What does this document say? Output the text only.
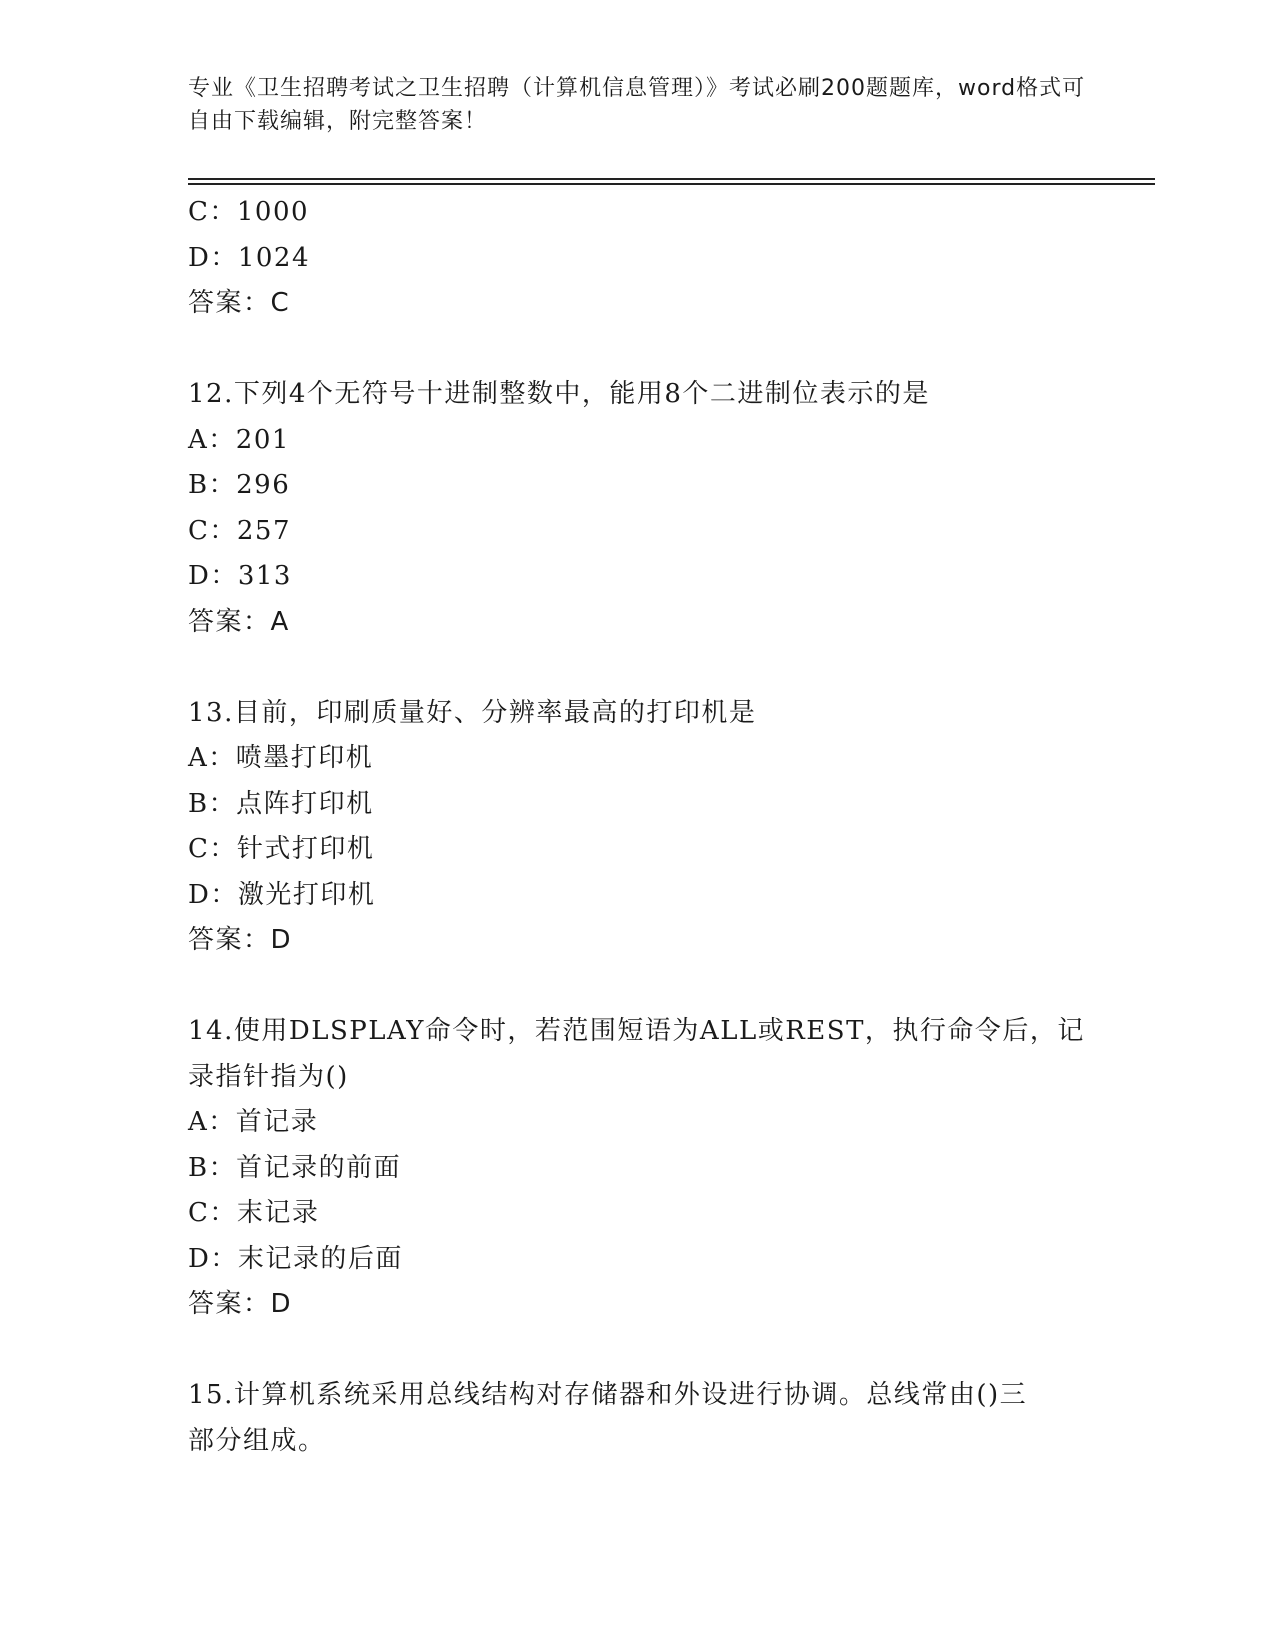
专业《卫生招聘考试之卫生招聘（计算机信息管理）》考试必刷200题题库，word格式可自由下载编辑，附完整答案！
C：1000
D：1024
答案：C
12.下列4个无符号十进制整数中，能用8个二进制位表示的是
A：201
B：296
C：257
D：313
答案：A
13.目前，印刷质量好、分辨率最高的打印机是
A：喷墨打印机
B：点阵打印机
C：针式打印机
D：激光打印机
答案：D
14.使用DLSPLAY命令时，若范围短语为ALL或REST，执行命令后，记
录指针指为()
A：首记录
B：首记录的前面
C：末记录
D：末记录的后面
答案：D
15.计算机系统采用总线结构对存储器和外设进行协调。总线常由()三
部分组成。
